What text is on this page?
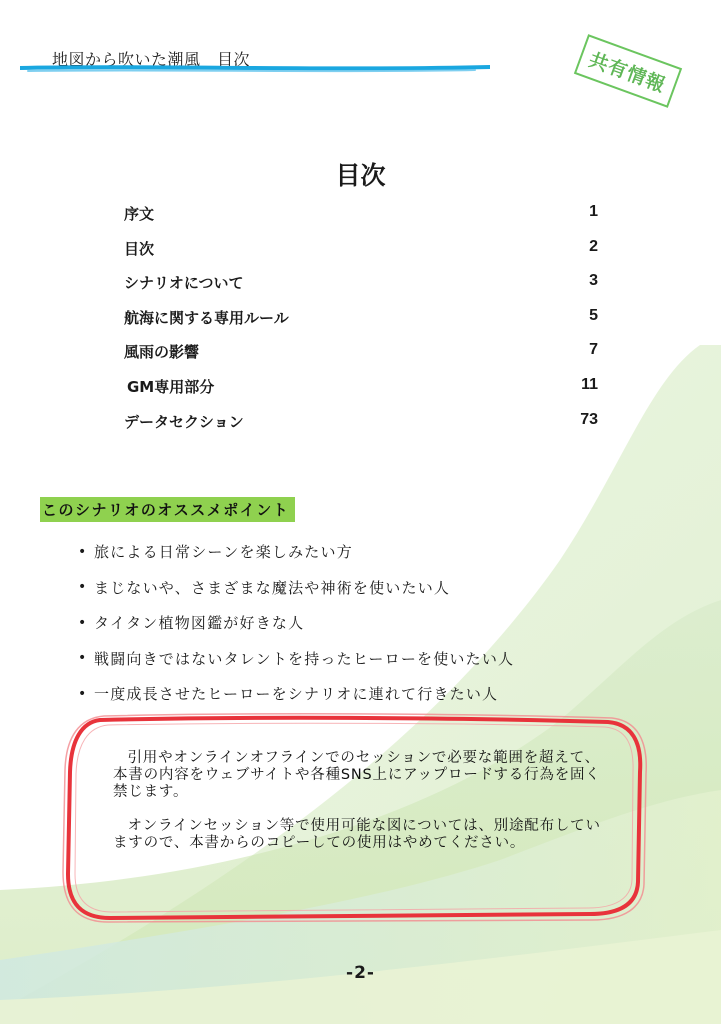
地図から吹いた潮風　目次	共有情報
目次
序文	1
目次	2
シナリオについて	3
航海に関する専用ルール	5
風雨の影響	7
GM専用部分	11
データセクション	73
このシナリオのオススメポイント
• 旅による日常シーンを楽しみたい方
• まじないや、さまざまな魔法や神術を使いたい人
• タイタン植物図鑑が好きな人
• 戦闘向きではないタレントを持ったヒーローを使いたい人
• 一度成長させたヒーローをシナリオに連れて行きたい人

引用やオンラインオフラインでのセッションで必要な範囲を超えて、本書の内容をウェブサイトや各種SNS上にアップロードする行為を固く禁じます。

オンラインセッション等で使用可能な図については、別途配布していますので、本書からのコピーしての使用はやめてください。

-2-
